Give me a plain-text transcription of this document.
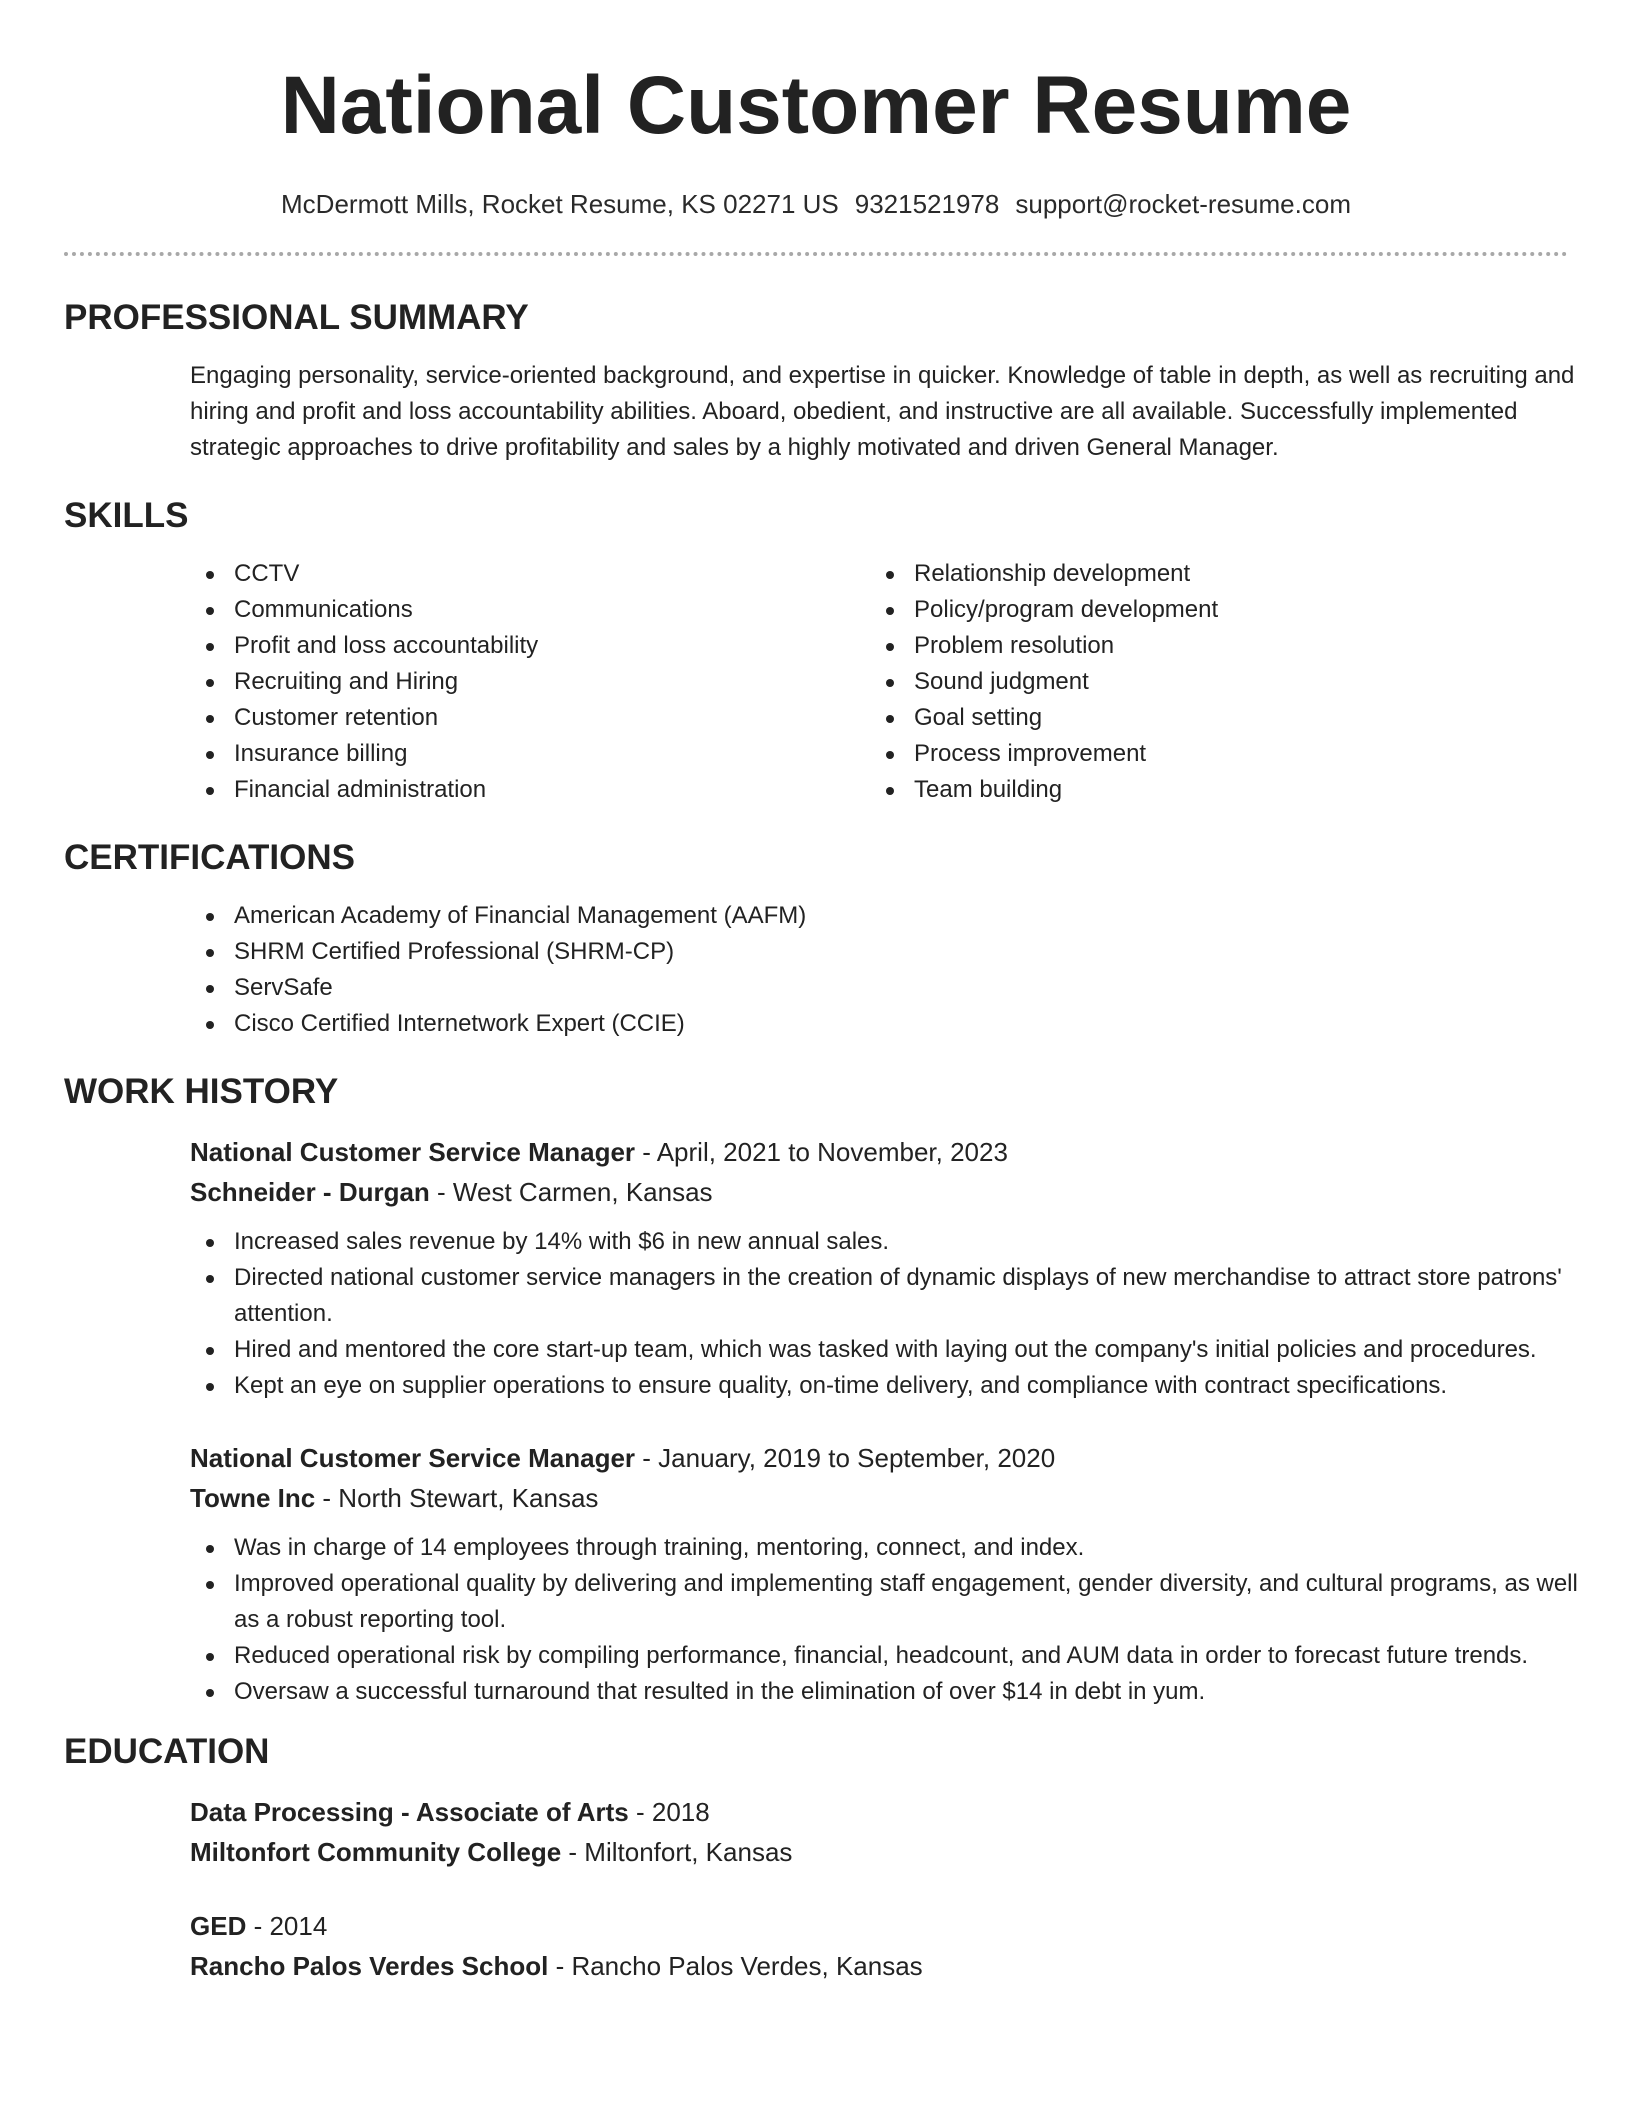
National Customer Resume
McDermott Mills, Rocket Resume, KS 02271 US 9321521978 support@rocket-resume.com
PROFESSIONAL SUMMARY

Engaging personality, service-oriented background, and expertise in quicker. Knowledge of table in depth, as well as recruiting and hiring and profit and loss accountability abilities. Aboard, obedient, and instructive are all available. Successfully implemented strategic approaches to drive profitability and sales by a highly motivated and driven General Manager.

SKILLS
CCTV
Communications
Profit and loss accountability
Recruiting and Hiring
Customer retention
Insurance billing
Financial administration
Relationship development
Policy/program development
Problem resolution
Sound judgment
Goal setting
Process improvement
Team building
CERTIFICATIONS
American Academy of Financial Management (AAFM)
SHRM Certified Professional (SHRM-CP)
ServSafe
Cisco Certified Internetwork Expert (CCIE)
WORK HISTORY
National Customer Service Manager - April, 2021 to November, 2023
Schneider - Durgan - West Carmen, Kansas
Increased sales revenue by 14% with $6 in new annual sales.
Directed national customer service managers in the creation of dynamic displays of new merchandise to attract store patrons' attention.
Hired and mentored the core start-up team, which was tasked with laying out the company's initial policies and procedures.
Kept an eye on supplier operations to ensure quality, on-time delivery, and compliance with contract specifications.
National Customer Service Manager - January, 2019 to September, 2020
Towne Inc - North Stewart, Kansas
Was in charge of 14 employees through training, mentoring, connect, and index.
Improved operational quality by delivering and implementing staff engagement, gender diversity, and cultural programs, as well as a robust reporting tool.
Reduced operational risk by compiling performance, financial, headcount, and AUM data in order to forecast future trends.
Oversaw a successful turnaround that resulted in the elimination of over $14 in debt in yum.
EDUCATION
Data Processing - Associate of Arts - 2018
Miltonfort Community College - Miltonfort, Kansas
GED - 2014
Rancho Palos Verdes School - Rancho Palos Verdes, Kansas
